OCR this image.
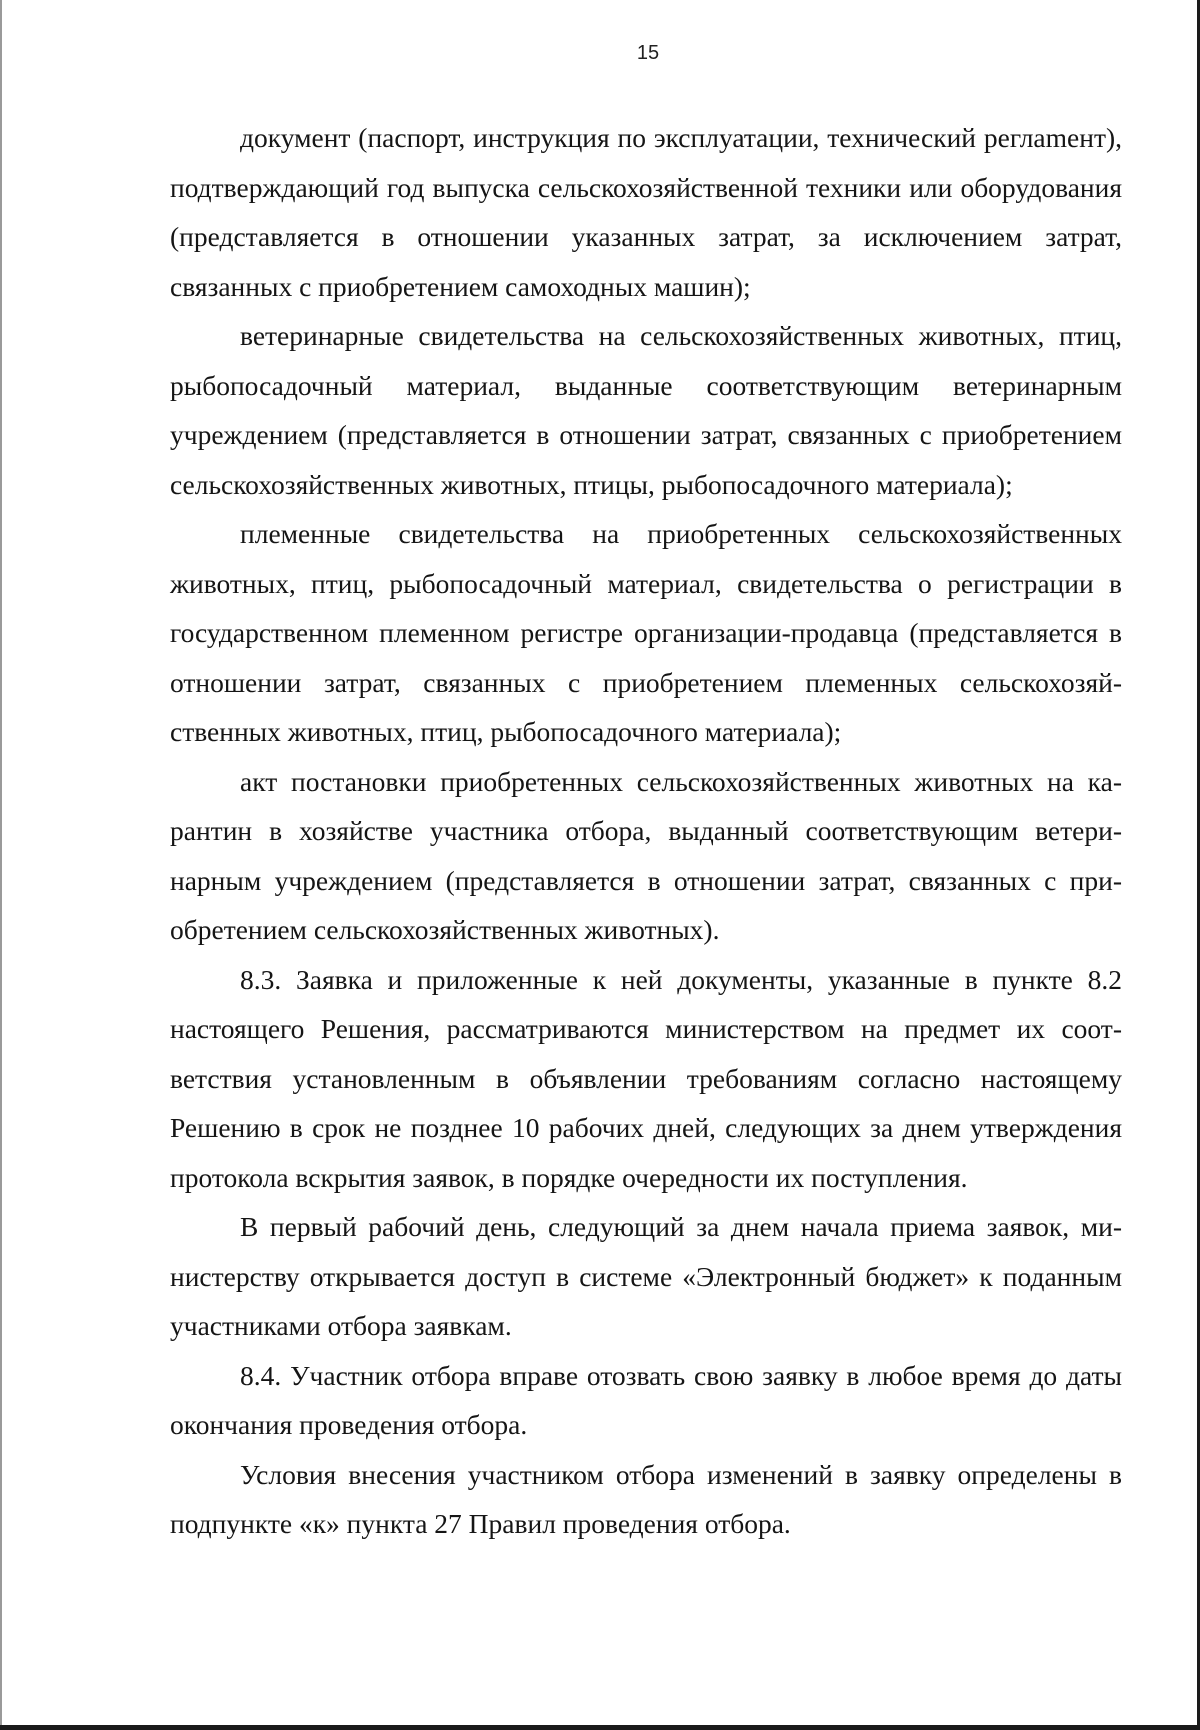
15

документ (паспорт, инструкция по эксплуатации, технический реглаmент), подтверждающий год выпуска сельскохозяйственной техники или оборудования (представляется в отношении указанных затрат, за исключением затрат, связанных с приобретением самоходных машин);

ветеринарные свидетельства на сельскохозяйственных животных, птиц, рыбопосадочный материал, выданные соответствующим ветеринарным учреждением (представляется в отношении затрат, связанных с приобретением сельскохозяйственных животных, птицы, рыбопосадочного материала);

племенные свидетельства на приобретенных сельскохозяйственных животных, птиц, рыбопосадочный материал, свидетельства о регистрации в государственном племенном регистре организации-продавца (представляется в отношении затрат, связанных с приобретением племенных сельскохозяйственных животных, птиц, рыбопосадочного материала);

акт постановки приобретенных сельскохозяйственных животных на карантин в хозяйстве участника отбора, выданный соответствующим ветеринарным учреждением (представляется в отношении затрат, связанных с приобретением сельскохозяйственных животных).

8.3. Заявка и приложенные к ней документы, указанные в пункте 8.2 настоящего Решения, рассматриваются министерством на предмет их соответствия установленным в объявлении требованиям согласно настоящему Решению в срок не позднее 10 рабочих дней, следующих за днем утверждения протокола вскрытия заявок, в порядке очередности их поступления.

В первый рабочий день, следующий за днем начала приема заявок, министерству открывается доступ в системе «Электронный бюджет» к поданным участниками отбора заявкам.

8.4. Участник отбора вправе отозвать свою заявку в любое время до даты окончания проведения отбора.

Условия внесения участником отбора изменений в заявку определены в подпункте «к» пункта 27 Правил проведения отбора.
